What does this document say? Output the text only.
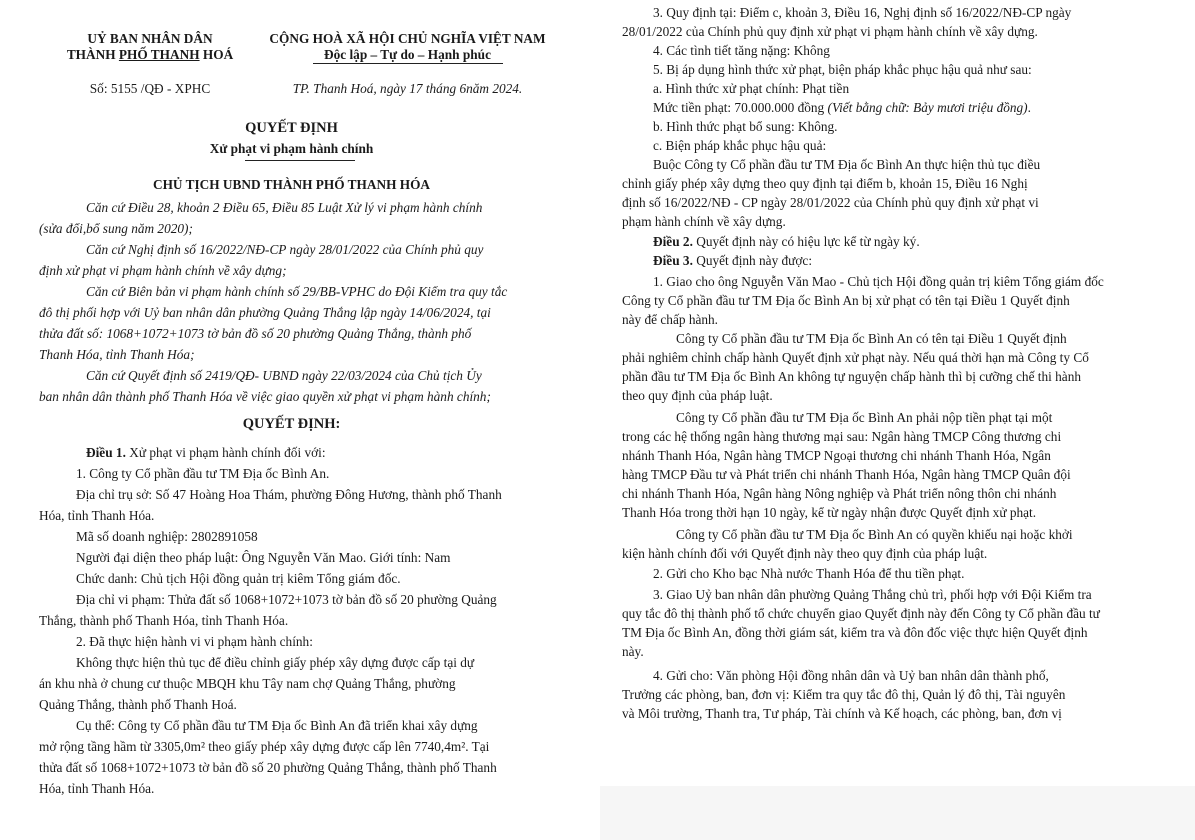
UỶ BAN NHÂN DÂN
THÀNH PHỐ THANH HOÁ
CỘNG HOÀ XÃ HỘI CHỦ NGHĨA VIỆT NAM
Độc lập – Tự do – Hạnh phúc
Số: 5155 /QĐ - XPHC	TP. Thanh Hoá, ngày 17 tháng 6năm 2024.
QUYẾT ĐỊNH
Xử phạt vi phạm hành chính
CHỦ TỊCH UBND THÀNH PHỐ THANH HÓA
Căn cứ Điều 28, khoản 2 Điều 65, Điều 85 Luật Xử lý vi phạm hành chính
(sửa đổi,bổ sung năm 2020);
Căn cứ Nghị định số 16/2022/NĐ-CP ngày 28/01/2022 của Chính phủ quy
định xử phạt vi phạm hành chính về xây dựng;
Căn cứ Biên bản vi phạm hành chính số 29/BB-VPHC do Đội Kiểm tra quy tắc
đô thị phối hợp với Uỷ ban nhân dân phường Quảng Thắng lập ngày 14/06/2024, tại
thửa đất số: 1068+1072+1073 tờ bản đồ số 20 phường Quảng Thắng, thành phố
Thanh Hóa, tỉnh Thanh Hóa;
Căn cứ Quyết định số 2419/QĐ- UBND ngày 22/03/2024 của Chủ tịch Ủy
ban nhân dân thành phố Thanh Hóa về việc giao quyền xử phạt vi phạm hành chính;
QUYẾT ĐỊNH:
Điều 1. Xử phạt vi phạm hành chính đối với:
1. Công ty Cổ phần đầu tư TM Địa ốc Bình An.
Địa chỉ trụ sở: Số 47 Hoàng Hoa Thám, phường Đông Hương, thành phố Thanh
Hóa, tỉnh Thanh Hóa.
Mã số doanh nghiệp: 2802891058
Người đại diện theo pháp luật: Ông Nguyễn Văn Mao. Giới tính: Nam
Chức danh: Chủ tịch Hội đồng quản trị kiêm Tổng giám đốc.
Địa chỉ vi phạm: Thửa đất số 1068+1072+1073 tờ bản đồ số 20 phường Quảng
Thắng, thành phố Thanh Hóa, tỉnh Thanh Hóa.
2. Đã thực hiện hành vi vi phạm hành chính:
Không thực hiện thủ tục để điều chỉnh giấy phép xây dựng được cấp tại dự
án khu nhà ở chung cư thuộc MBQH khu Tây nam chợ Quảng Thắng, phường
Quảng Thắng, thành phố Thanh Hoá.
Cụ thể: Công ty Cổ phần đầu tư TM Địa ốc Bình An đã triển khai xây dựng
mở rộng tầng hầm từ 3305,0m² theo giấy phép xây dựng được cấp lên 7740,4m². Tại
thửa đất số 1068+1072+1073 tờ bản đồ số 20 phường Quảng Thắng, thành phố Thanh
Hóa, tỉnh Thanh Hóa.
3. Quy định tại: Điểm c, khoản 3, Điều 16, Nghị định số 16/2022/NĐ-CP ngày
28/01/2022 của Chính phủ quy định xử phạt vi phạm hành chính về xây dựng.
4. Các tình tiết tăng nặng: Không
5. Bị áp dụng hình thức xử phạt, biện pháp khắc phục hậu quả như sau:
a. Hình thức xử phạt chính: Phạt tiền
Mức tiền phạt: 70.000.000 đồng (Viết bằng chữ: Bảy mươi triệu đồng).
b. Hình thức phạt bổ sung: Không.
c. Biện pháp khắc phục hậu quả:
Buộc Công ty Cổ phần đầu tư TM Địa ốc Bình An thực hiện thủ tục điều
chỉnh giấy phép xây dựng theo quy định tại điểm b, khoản 15, Điều 16 Nghị
định số 16/2022/NĐ - CP ngày 28/01/2022 của Chính phủ quy định xử phạt vi
phạm hành chính về xây dựng.
Điều 2. Quyết định này có hiệu lực kể từ ngày ký.
Điều 3. Quyết định này được:
1. Giao cho ông Nguyễn Văn Mao - Chủ tịch Hội đồng quản trị kiêm Tổng giám đốc
Công ty Cổ phần đầu tư TM Địa ốc Bình An bị xử phạt có tên tại Điều 1 Quyết định
này để chấp hành.
Công ty Cổ phần đầu tư TM Địa ốc Bình An có tên tại Điều 1 Quyết định
phải nghiêm chỉnh chấp hành Quyết định xử phạt này. Nếu quá thời hạn mà Công ty Cổ
phần đầu tư TM Địa ốc Bình An không tự nguyện chấp hành thì bị cưỡng chế thi hành
theo quy định của pháp luật.
Công ty Cổ phần đầu tư TM Địa ốc Bình An phải nộp tiền phạt tại một
trong các hệ thống ngân hàng thương mại sau: Ngân hàng TMCP Công thương chi
nhánh Thanh Hóa, Ngân hàng TMCP Ngoại thương chi nhánh Thanh Hóa, Ngân
hàng TMCP Đầu tư và Phát triển chi nhánh Thanh Hóa, Ngân hàng TMCP Quân đội
chi nhánh Thanh Hóa, Ngân hàng Nông nghiệp và Phát triển nông thôn chi nhánh
Thanh Hóa trong thời hạn 10 ngày, kể từ ngày nhận được Quyết định xử phạt.
Công ty Cổ phần đầu tư TM Địa ốc Bình An có quyền khiếu nại hoặc khởi
kiện hành chính đối với Quyết định này theo quy định của pháp luật.
2. Gửi cho Kho bạc Nhà nước Thanh Hóa để thu tiền phạt.
3. Giao Uỷ ban nhân dân phường Quảng Thắng chủ trì, phối hợp với Đội Kiểm tra
quy tắc đô thị thành phố tổ chức chuyển giao Quyết định này đến Công ty Cổ phần đầu tư
TM Địa ốc Bình An, đồng thời giám sát, kiểm tra và đôn đốc việc thực hiện Quyết định
này.
4. Gửi cho: Văn phòng Hội đồng nhân dân và Uỷ ban nhân dân thành phố,
Trưởng các phòng, ban, đơn vị: Kiểm tra quy tắc đô thị, Quản lý đô thị, Tài nguyên
và Môi trường, Thanh tra, Tư pháp, Tài chính và Kế hoạch, các phòng, ban, đơn vị
